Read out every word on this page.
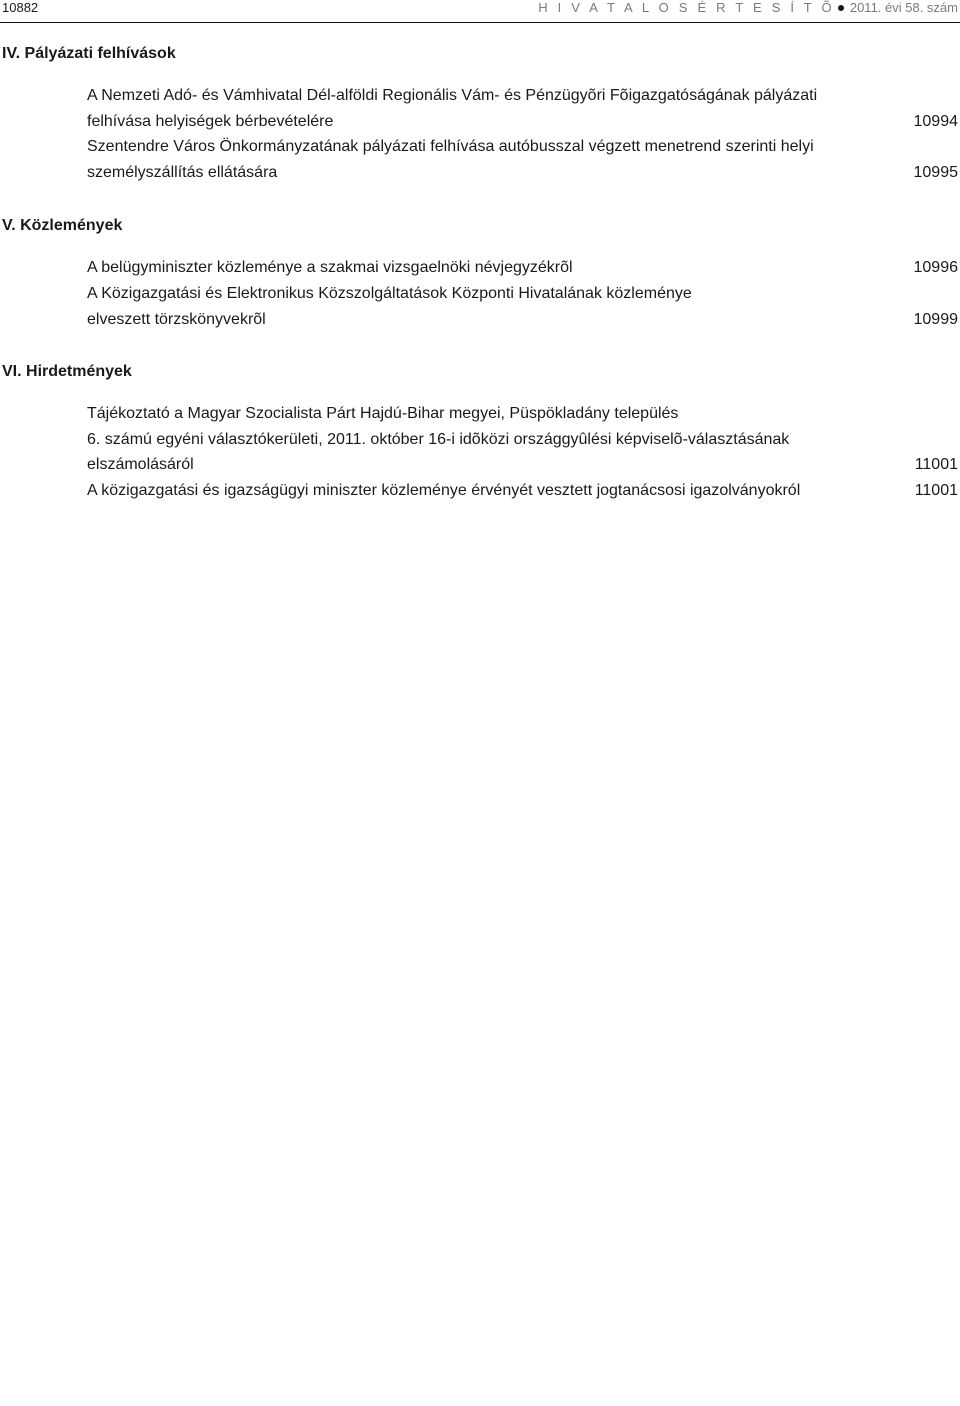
10882	H I V A T A L O S É R T E S Í T Õ 2011. évi 58. szám
IV. Pályázati felhívások
A Nemzeti Adó- és Vámhivatal Dél-alföldi Regionális Vám- és Pénzügyõri Fõigazgatóságának pályázati
felhívása helyiségek bérbevételére	10994
Szentendre Város Önkormányzatának pályázati felhívása autóbusszal végzett menetrend szerinti helyi
személyszállítás ellátására	10995
V. Közlemények
A belügyminiszter közleménye a szakmai vizsgaelnöki névjegyzékrõl	10996
A Közigazgatási és Elektronikus Közszolgáltatások Központi Hivatalának közleménye
elveszett törzskönyvekrõl	10999
VI. Hirdetmények
Tájékoztató a Magyar Szocialista Párt Hajdú-Bihar megyei, Püspökladány település
6. számú egyéni választókerületi, 2011. október 16-i idõközi országgyûlési képviselõ-választásának
elszámolásáról	11001
A közigazgatási és igazságügyi miniszter közleménye érvényét vesztett jogtanácsosi igazolványokról	11001
